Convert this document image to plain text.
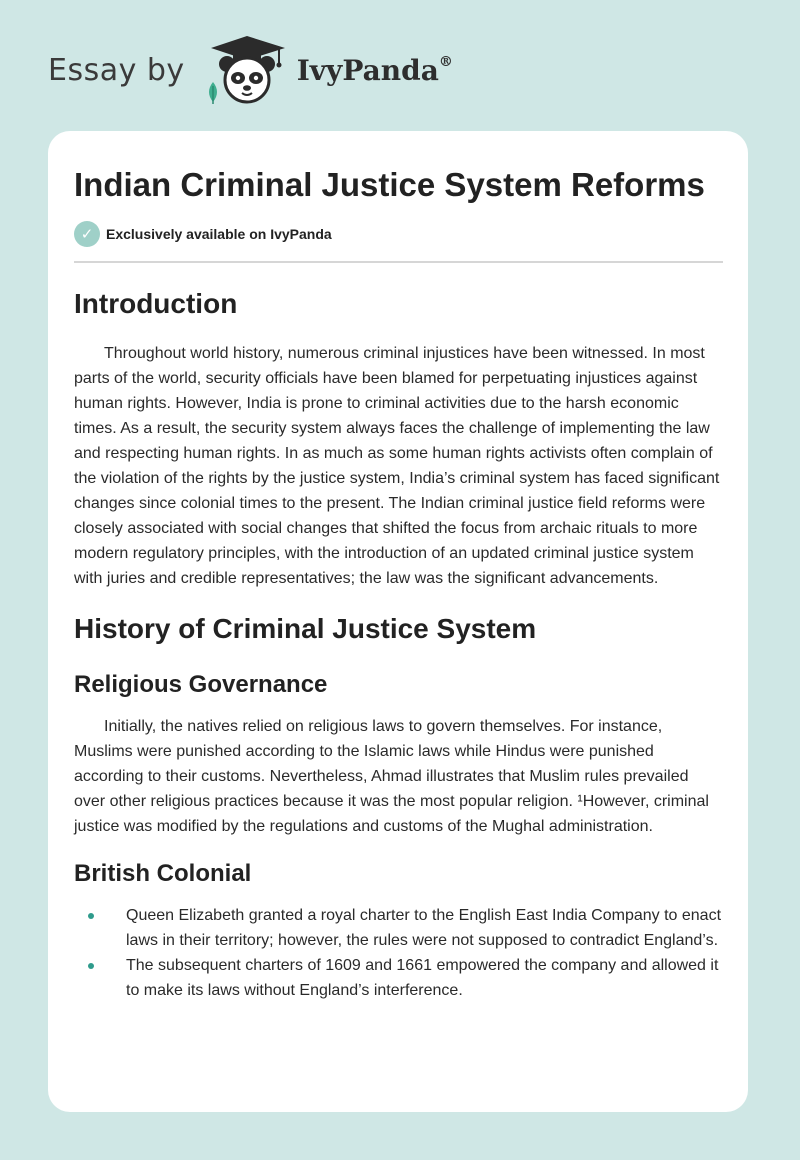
Essay by	IvyPanda®
Indian Criminal Justice System Reforms
✓ Exclusively available on IvyPanda
Introduction

Throughout world history, numerous criminal injustices have been witnessed. In most parts of the world, security officials have been blamed for perpetuating injustices against human rights. However, India is prone to criminal activities due to the harsh economic times. As a result, the security system always faces the challenge of implementing the law and respecting human rights. In as much as some human rights activists often complain of the violation of the rights by the justice system, India’s criminal system has faced significant changes since colonial times to the present. The Indian criminal justice field reforms were closely associated with social changes that shifted the focus from archaic rituals to more modern regulatory principles, with the introduction of an updated criminal justice system with juries and credible representatives; the law was the significant advancements.

History of Criminal Justice System
Religious Governance

Initially, the natives relied on religious laws to govern themselves. For instance, Muslims were punished according to the Islamic laws while Hindus were punished according to their customs. Nevertheless, Ahmad illustrates that Muslim rules prevailed over other religious practices because it was the most popular religion. ¹However, criminal justice was modified by the regulations and customs of the Mughal administration.

British Colonial
Queen Elizabeth granted a royal charter to the English East India Company to enact laws in their territory; however, the rules were not supposed to contradict England’s.
The subsequent charters of 1609 and 1661 empowered the company and allowed it to make its laws without England’s interference.
